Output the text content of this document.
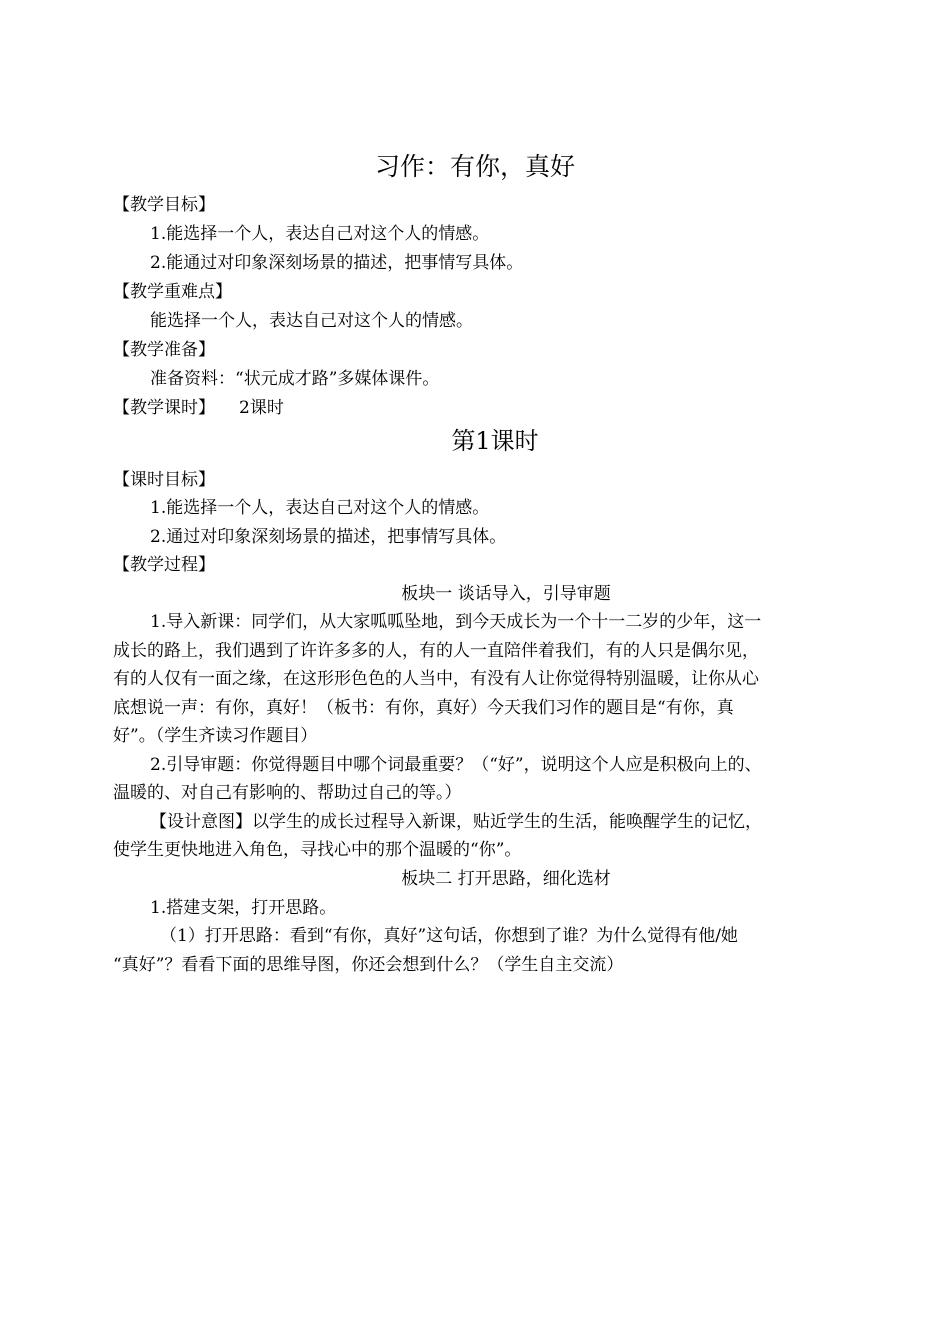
习作：有你，真好
【教学目标】
1.能选择一个人，表达自己对这个人的情感。
2.能通过对印象深刻场景的描述，把事情写具体。
【教学重难点】
能选择一个人，表达自己对这个人的情感。
【教学准备】
准备资料：“状元成才路”多媒体课件。
【教学课时】 2课时
第1课时
【课时目标】
1.能选择一个人，表达自己对这个人的情感。
2.通过对印象深刻场景的描述，把事情写具体。
【教学过程】
板块一 谈话导入，引导审题
1.导入新课：同学们，从大家呱呱坠地，到今天成长为一个十一二岁的少年，这一
成长的路上，我们遇到了许许多多的人，有的人一直陪伴着我们，有的人只是偶尔见，
有的人仅有一面之缘，在这形形色色的人当中，有没有人让你觉得特别温暖，让你从心
底想说一声：有你，真好！（板书：有你，真好）今天我们习作的题目是“有你，真
好”。（学生齐读习作题目）
2.引导审题：你觉得题目中哪个词最重要？（“好”，说明这个人应是积极向上的、
温暖的、对自己有影响的、帮助过自己的等。）
【设计意图】以学生的成长过程导入新课，贴近学生的生活，能唤醒学生的记忆，
使学生更快地进入角色，寻找心中的那个温暖的“你”。
板块二 打开思路，细化选材
1.搭建支架，打开思路。
（1）打开思路：看到“有你，真好”这句话，你想到了谁？为什么觉得有他/她
“真好”？看看下面的思维导图，你还会想到什么？（学生自主交流）
